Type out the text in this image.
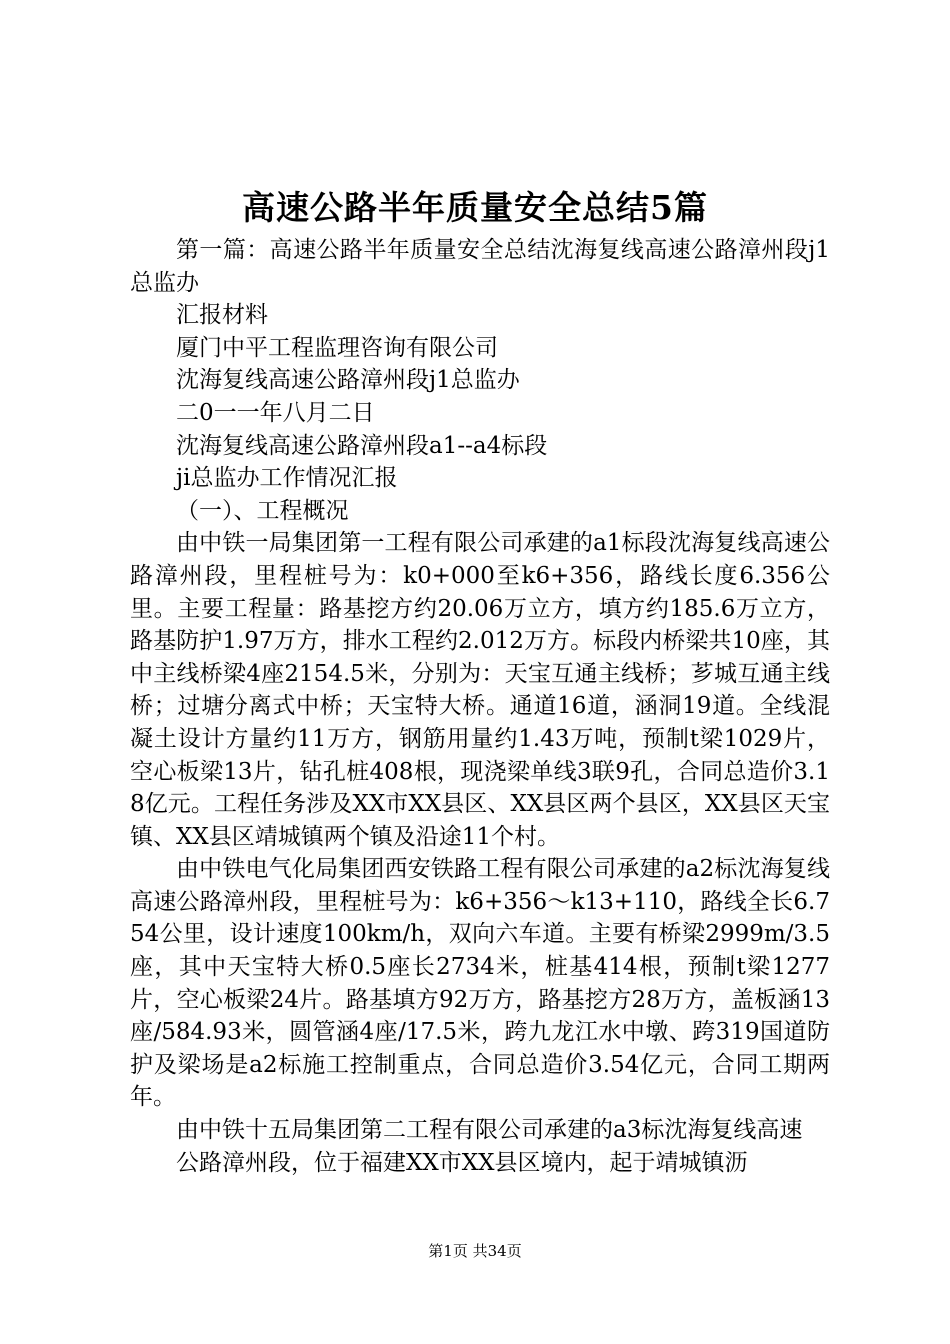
高速公路半年质量安全总结5篇

第一篇：高速公路半年质量安全总结沈海复线高速公路漳州段j1总监办

汇报材料

厦门中平工程监理咨询有限公司

沈海复线高速公路漳州段j1总监办

二0一一年八月二日

沈海复线高速公路漳州段a1--a4标段

ji总监办工作情况汇报

（一）、工程概况

由中铁一局集团第一工程有限公司承建的a1标段沈海复线高速公路漳州段，里程桩号为：k0+000至k6+356，路线长度6.356公里。主要工程量：路基挖方约20.06万立方，填方约185.6万立方，路基防护1.97万方，排水工程约2.012万方。标段内桥梁共10座，其中主线桥梁4座2154.5米，分别为：天宝互通主线桥；芗城互通主线桥；过塘分离式中桥；天宝特大桥。通道16道，涵洞19道。全线混凝土设计方量约11万方，钢筋用量约1.43万吨，预制t梁1029片，空心板梁13片，钻孔桩408根，现浇梁单线3联9孔，合同总造价3.18亿元。工程任务涉及XX市XX县区、XX县区两个县区，XX县区天宝镇、XX县区靖城镇两个镇及沿途11个村。

由中铁电气化局集团西安铁路工程有限公司承建的a2标沈海复线高速公路漳州段，里程桩号为：k6+356～k13+110，路线全长6.754公里，设计速度100km/h，双向六车道。主要有桥梁2999m/3.5座，其中天宝特大桥0.5座长2734米，桩基414根，预制t梁1277片，空心板梁24片。路基填方92万方，路基挖方28万方，盖板涵13座/584.93米，圆管涵4座/17.5米，跨九龙江水中墩、跨319国道防护及梁场是a2标施工控制重点，合同总造价3.54亿元，合同工期两年。

由中铁十五局集团第二工程有限公司承建的a3标沈海复线高速

公路漳州段，位于福建XX市XX县区境内，起于靖城镇沥

第1页 共34页
